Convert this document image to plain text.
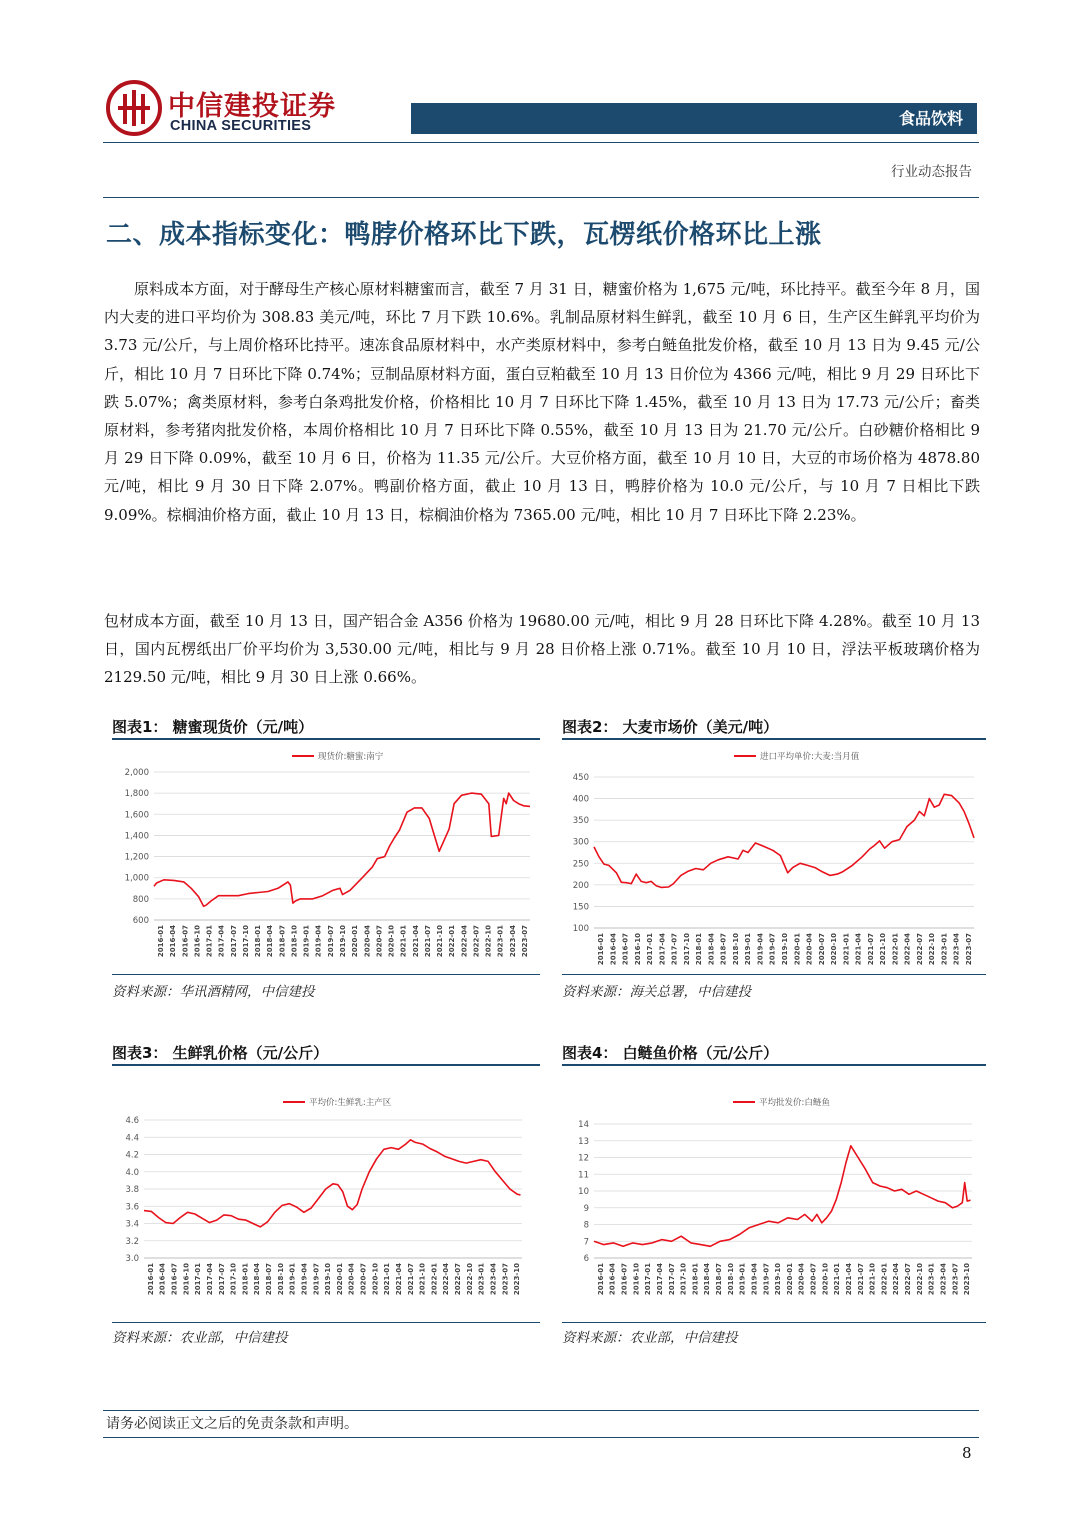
中信建投证券
CHINA SECURITIES	食品饮料
行业动态报告
二、成本指标变化：鸭脖价格环比下跌，瓦楞纸价格环比上涨
原料成本方面，对于酵母生产核心原材料糖蜜而言，截至 7 月 31 日，糖蜜价格为 1,675 元/吨，环比持平。截至今年 8 月，国内大麦的进口平均价为 308.83 美元/吨，环比 7 月下跌 10.6%。乳制品原材料生鲜乳，截至 10 月 6 日，生产区生鲜乳平均价为 3.73 元/公斤，与上周价格环比持平。速冻食品原材料中，水产类原材料中，参考白鲢鱼批发价格，截至 10 月 13 日为 9.45 元/公斤，相比 10 月 7 日环比下降 0.74%；豆制品原材料方面，蛋白豆粕截至 10 月 13 日价位为 4366 元/吨，相比 9 月 29 日环比下跌 5.07%；禽类原材料，参考白条鸡批发价格，价格相比 10 月 7 日环比下降 1.45%，截至 10 月 13 日为 17.73 元/公斤；畜类原材料，参考猪肉批发价格，本周价格相比 10 月 7 日环比下降 0.55%，截至 10 月 13 日为 21.70 元/公斤。白砂糖价格相比 9 月 29 日下降 0.09%，截至 10 月 6 日，价格为 11.35 元/公斤。大豆价格方面，截至 10 月 10 日，大豆的市场价格为 4878.80 元/吨，相比 9 月 30 日下降 2.07%。鸭副价格方面，截止 10 月 13 日，鸭脖价格为 10.0 元/公斤，与 10 月 7 日相比下跌 9.09%。棕榈油价格方面，截止 10 月 13 日，棕榈油价格为 7365.00 元/吨，相比 10 月 7 日环比下降 2.23%。
包材成本方面，截至 10 月 13 日，国产铝合金 A356 价格为 19680.00 元/吨，相比 9 月 28 日环比下降 4.28%。截至 10 月 13 日，国内瓦楞纸出厂价平均价为 3,530.00 元/吨，相比与 9 月 28 日价格上涨 0.71%。截至 10 月 10 日，浮法平板玻璃价格为 2129.50 元/吨，相比 9 月 30 日上涨 0.66%。
图表1： 糖蜜现货价（元/吨）
600
800
1,000
1,200
1,400
1,600
1,800
2,000
2016-01 2016-04 2016-07 2016-10 2017-01 2017-04 2017-07 2017-10 2018-01 2018-04 2018-07 2018-10 2019-01 2019-04 2019-07 2019-10 2020-01 2020-04 2020-07 2020-10 2021-01 2021-04 2021-07 2021-10 2022-01 2022-04 2022-07 2022-10 2023-01 2023-04 2023-07
现货价:糖蜜:南宁
资料来源：华讯酒精网，中信建投
图表2： 大麦市场价（美元/吨）
100
150
200
250
300
350
400
450
2016-01 2016-04 2016-07 2016-10 2017-01 2017-04 2017-07 2017-10 2018-01 2018-04 2018-07 2018-10 2019-01 2019-04 2019-07 2019-10 2020-01 2020-04 2020-07 2020-10 2021-01 2021-04 2021-07 2021-10 2022-01 2022-04 2022-07 2022-10 2023-01 2023-04 2023-07
进口平均单价:大麦:当月值
资料来源：海关总署，中信建投
图表3： 生鲜乳价格（元/公斤）
3.0
3.2
3.4
3.6
3.8
4.0
4.2
4.4
4.6
2016-01 2016-04 2016-07 2016-10 2017-01 2017-04 2017-07 2017-10 2018-01 2018-04 2018-07 2018-10 2019-01 2019-04 2019-07 2019-10 2020-01 2020-04 2020-07 2020-10 2021-01 2021-04 2021-07 2021-10 2022-01 2022-04 2022-07 2022-10 2023-01 2023-04 2023-07 2023-10
平均价:生鲜乳:主产区
资料来源：农业部，中信建投
图表4： 白鲢鱼价格（元/公斤）
6
7
8
9
10
11
12
13
14
2016-01 2016-04 2016-07 2016-10 2017-01 2017-04 2017-07 2017-10 2018-01 2018-04 2018-07 2018-10 2019-01 2019-04 2019-07 2019-10 2020-01 2020-04 2020-07 2020-10 2021-01 2021-04 2021-07 2021-10 2022-01 2022-04 2022-07 2022-10 2023-01 2023-04 2023-07 2023-10
平均批发价:白鲢鱼
资料来源：农业部，中信建投
请务必阅读正文之后的免责条款和声明。
8
